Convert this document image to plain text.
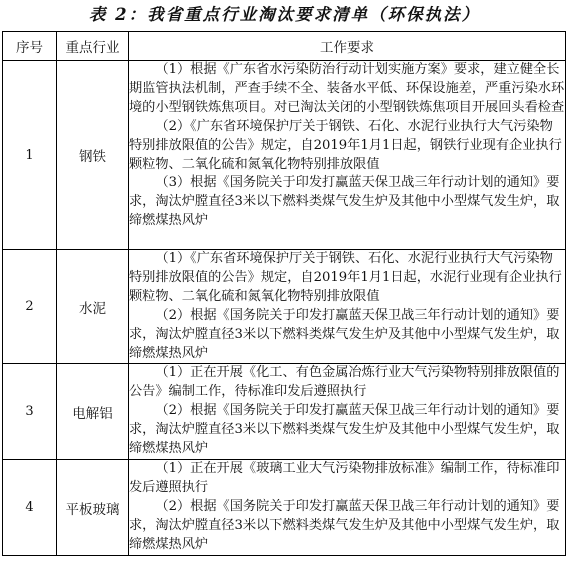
表 2：我省重点行业淘汰要求清单（环保执法）
序号	重点行业	工作要求
1	钢铁	（1）根据《广东省水污染防治行动计划实施方案》要求，建立健全长期监管执法机制，严查手续不全、装备水平低、环保设施差，严重污染水环境的小型钢铁炼焦项目。对已淘汰关闭的小型钢铁炼焦项目开展回头看检查
（2）《广东省环境保护厅关于钢铁、石化、水泥行业执行大气污染物特别排放限值的公告》规定，自2019年1月1日起，钢铁行业现有企业执行颗粒物、二氧化硫和氮氧化物特别排放限值
（3）根据《国务院关于印发打赢蓝天保卫战三年行动计划的通知》要求，淘汰炉膛直径3米以下燃料类煤气发生炉及其他中小型煤气发生炉，取缔燃煤热风炉

2	水泥	（1）《广东省环境保护厅关于钢铁、石化、水泥行业执行大气污染物特别排放限值的公告》规定，自2019年1月1日起，水泥行业现有企业执行颗粒物、二氧化硫和氮氧化物特别排放限值
（2）根据《国务院关于印发打赢蓝天保卫战三年行动计划的通知》要求，淘汰炉膛直径3米以下燃料类煤气发生炉及其他中小型煤气发生炉，取缔燃煤热风炉

3	电解铝	（1）正在开展《化工、有色金属冶炼行业大气污染物特别排放限值的公告》编制工作，待标准印发后遵照执行
（2）根据《国务院关于印发打赢蓝天保卫战三年行动计划的通知》要求，淘汰炉膛直径3米以下燃料类煤气发生炉及其他中小型煤气发生炉，取缔燃煤热风炉

4	平板玻璃	（1）正在开展《玻璃工业大气污染物排放标准》编制工作，待标准印发后遵照执行
（2）根据《国务院关于印发打赢蓝天保卫战三年行动计划的通知》要求，淘汰炉膛直径3米以下燃料类煤气发生炉及其他中小型煤气发生炉，取缔燃煤热风炉
